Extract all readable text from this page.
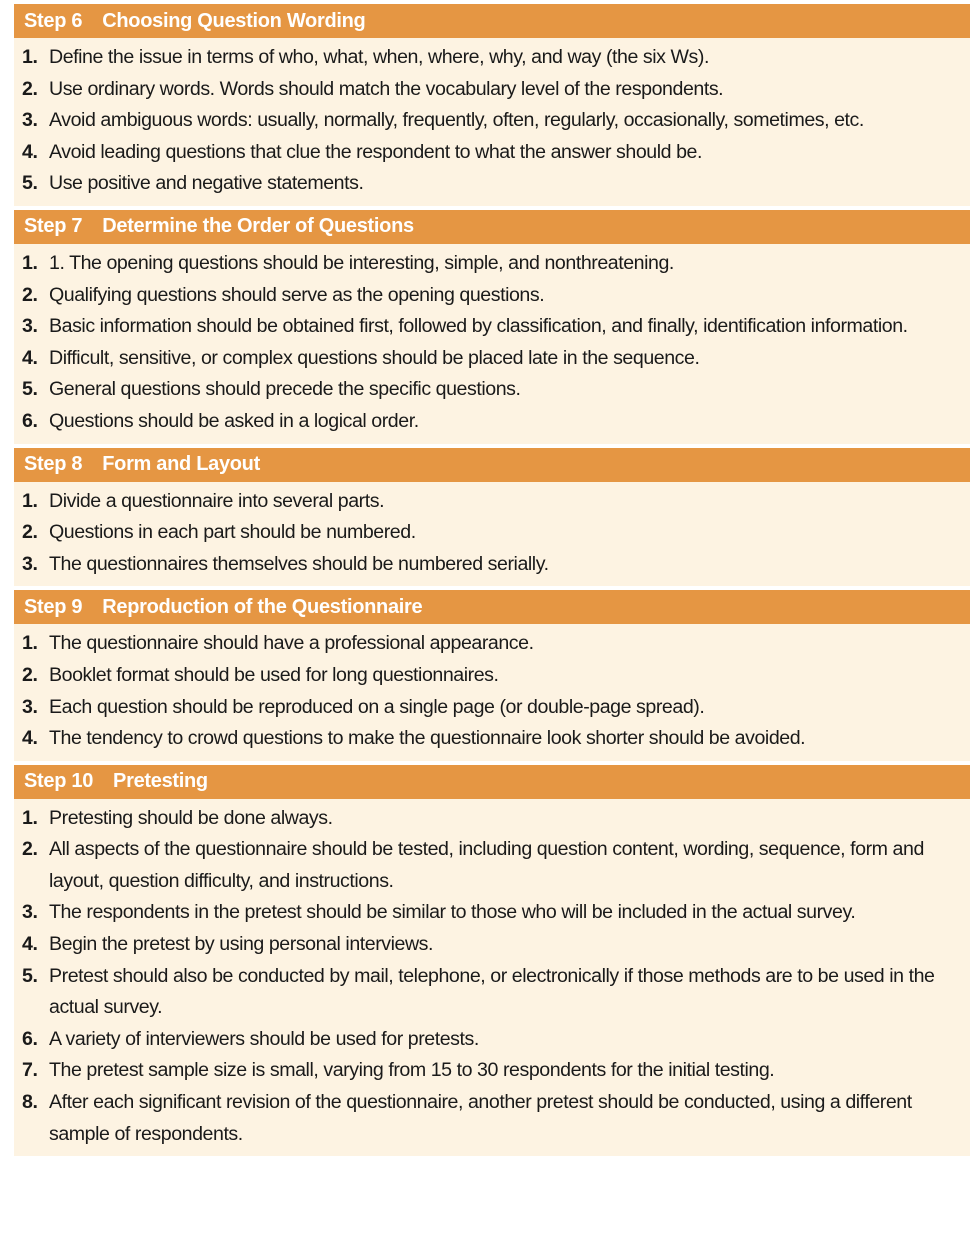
Step 6 Choosing Question Wording
1. Define the issue in terms of who, what, when, where, why, and way (the six Ws).
2. Use ordinary words. Words should match the vocabulary level of the respondents.
3. Avoid ambiguous words: usually, normally, frequently, often, regularly, occasionally, sometimes, etc.
4. Avoid leading questions that clue the respondent to what the answer should be.
5. Use positive and negative statements.
Step 7 Determine the Order of Questions
1. 1. The opening questions should be interesting, simple, and nonthreatening.
2. Qualifying questions should serve as the opening questions.
3. Basic information should be obtained first, followed by classification, and finally, identification information.
4. Difficult, sensitive, or complex questions should be placed late in the sequence.
5. General questions should precede the specific questions.
6. Questions should be asked in a logical order.
Step 8 Form and Layout
1. Divide a questionnaire into several parts.
2. Questions in each part should be numbered.
3. The questionnaires themselves should be numbered serially.
Step 9 Reproduction of the Questionnaire
1. The questionnaire should have a professional appearance.
2. Booklet format should be used for long questionnaires.
3. Each question should be reproduced on a single page (or double-page spread).
4. The tendency to crowd questions to make the questionnaire look shorter should be avoided.
Step 10 Pretesting
1. Pretesting should be done always.
2. All aspects of the questionnaire should be tested, including question content, wording, sequence, form and layout, question difficulty, and instructions.
3. The respondents in the pretest should be similar to those who will be included in the actual survey.
4. Begin the pretest by using personal interviews.
5. Pretest should also be conducted by mail, telephone, or electronically if those methods are to be used in the actual survey.
6. A variety of interviewers should be used for pretests.
7. The pretest sample size is small, varying from 15 to 30 respondents for the initial testing.
8. After each significant revision of the questionnaire, another pretest should be conducted, using a different sample of respondents.
